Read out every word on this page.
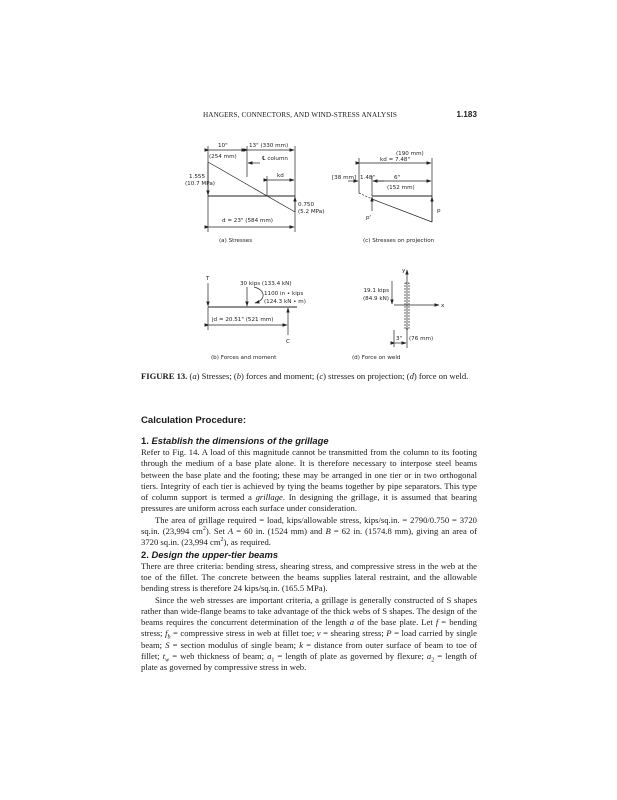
HANGERS, CONNECTORS, AND WIND-STRESS ANALYSIS	1.183
10"
(254 mm)
13" (330 mm)
℄ column
kd
1.555
(10.7 MPa)
0.750
(5.2 MPa)
d = 23" (584 mm)
(a) Stresses
(190 mm)
kd = 7.48"
[38 mm] 1.48"	6"
(152 mm)
p'
p
(c) Stresses on projection
T
30 kips (133.4 kN)
1100 in • kips
(124.3 kN • m)
jd = 20.51" (521 mm)
C
(b) Forces and moment
y
x
19.1 kips
(84.9 kN)
3" (76 mm)
(d) Force on weld
FIGURE 13. (a) Stresses; (b) forces and moment; (c) stresses on projection; (d) force on weld.
Calculation Procedure:
1. Establish the dimensions of the grillage

Refer to Fig. 14. A load of this magnitude cannot be transmitted from the column to its footing through the medium of a base plate alone. It is therefore necessary to interpose steel beams between the base plate and the footing; these may be arranged in one tier or in two orthogonal tiers. Integrity of each tier is achieved by tying the beams together by pipe separators. This type of column support is termed a grillage. In designing the grillage, it is assumed that bearing pressures are uniform across each surface under consideration.

The area of grillage required = load, kips/allowable stress, kips/sq.in. = 2790/0.750 = 3720 sq.in. (23,994 $cm^2$). Set A = 60 in. (1524 mm) and B = 62 in. (1574.8 mm), giving an area of 3720 sq.in. (23,994 $cm^2$), as required.

2. Design the upper-tier beams

There are three criteria: bending stress, shearing stress, and compressive stress in the web at the toe of the fillet. The concrete between the beams supplies lateral restraint, and the allowable bending stress is therefore 24 kips/sq.in. (165.5 MPa).

Since the web stresses are important criteria, a grillage is generally constructed of S shapes rather than wide-flange beams to take advantage of the thick webs of S shapes. The design of the beams requires the concurrent determination of the length a of the base plate. Let f = bending stress; $f_b$ = compressive stress in web at fillet toe; v = shearing stress; P = load carried by single beam; S = section modulus of single beam; k = distance from outer surface of beam to toe of fillet; $t_w$ = web thickness of beam; $a_1$ = length of plate as governed by flexure; $a_2$ = length of plate as governed by compressive stress in web.
